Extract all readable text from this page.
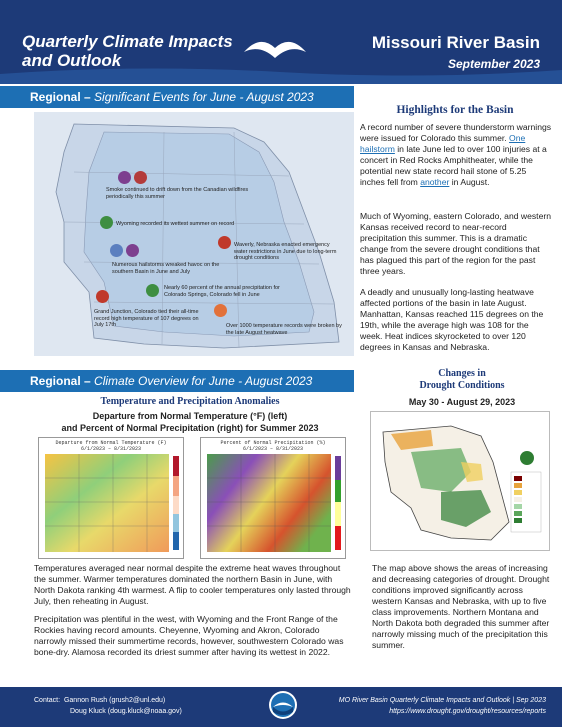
Quarterly Climate Impacts
and Outlook
Missouri River Basin
September 2023
Regional – Significant Events for June - August 2023
Smoke continued to drift down from the Canadian wildfires periodically this summer
Wyoming recorded its wettest summer on record
Waverly, Nebraska enacted emergency water restrictions in June due to long-term drought conditions
Numerous hailstorms wreaked havoc on the southern Basin in June and July
Nearly 60 percent of the annual precipitation for Colorado Springs, Colorado fell in June
Grand Junction, Colorado tied their all-time record high temperature of 107 degrees on July 17th	Over 1000 temperature records were broken by the late August heatwave
Highlights for the Basin
A record number of severe thunderstorm warnings were issued for Colorado this summer. One hailstorm in late June led to over 100 injuries at a concert in Red Rocks Amphitheater, while the potential new state record hail stone of 5.25 inches fell from another in August.
Much of Wyoming, eastern Colorado, and western Kansas received record to near-record precipitation this summer. This is a dramatic change from the severe drought conditions that has plagued this part of the region for the past three years.
A deadly and unusually long-lasting heatwave affected portions of the basin in late August. Manhattan, Kansas reached 115 degrees on the 19th, while the average high was 108 for the week. Heat indices skyrocketed to over 120 degrees in Kansas and Nebraska.
Regional – Climate Overview for June - August 2023
Temperature and Precipitation Anomalies
Departure from Normal Temperature (°F) (left)
and Percent of Normal Precipitation (right) for Summer 2023
Departure from Normal Temperature (F)
6/1/2023 – 8/31/2023
Percent of Normal Precipitation (%)
6/1/2023 – 8/31/2023
Changes in
Drought Conditions
May 30 - August 29, 2023
Temperatures averaged near normal despite the extreme heat waves throughout the summer. Warmer temperatures dominated the northern Basin in June, with North Dakota ranking 4th warmest. A flip to cooler temperatures only lasted through July, then reheating in August.
Precipitation was plentiful in the west, with Wyoming and the Front Range of the Rockies having record amounts. Cheyenne, Wyoming and Akron, Colorado narrowly missed their summertime records, however, southwestern Colorado was bone-dry. Alamosa recorded its driest summer after having its wettest in 2022.
The map above shows the areas of increasing and decreasing categories of drought. Drought conditions improved significantly across western Kansas and Nebraska, with up to five class improvements. Northern Montana and North Dakota both degraded this summer after narrowly missing much of the precipitation this summer.
Contact: Gannon Rush (grush2@unl.edu)
Doug Kluck (doug.kluck@noaa.gov)
MO River Basin Quarterly Climate Impacts and Outlook | Sep 2023
https://www.drought.gov/drought/resources/reports
